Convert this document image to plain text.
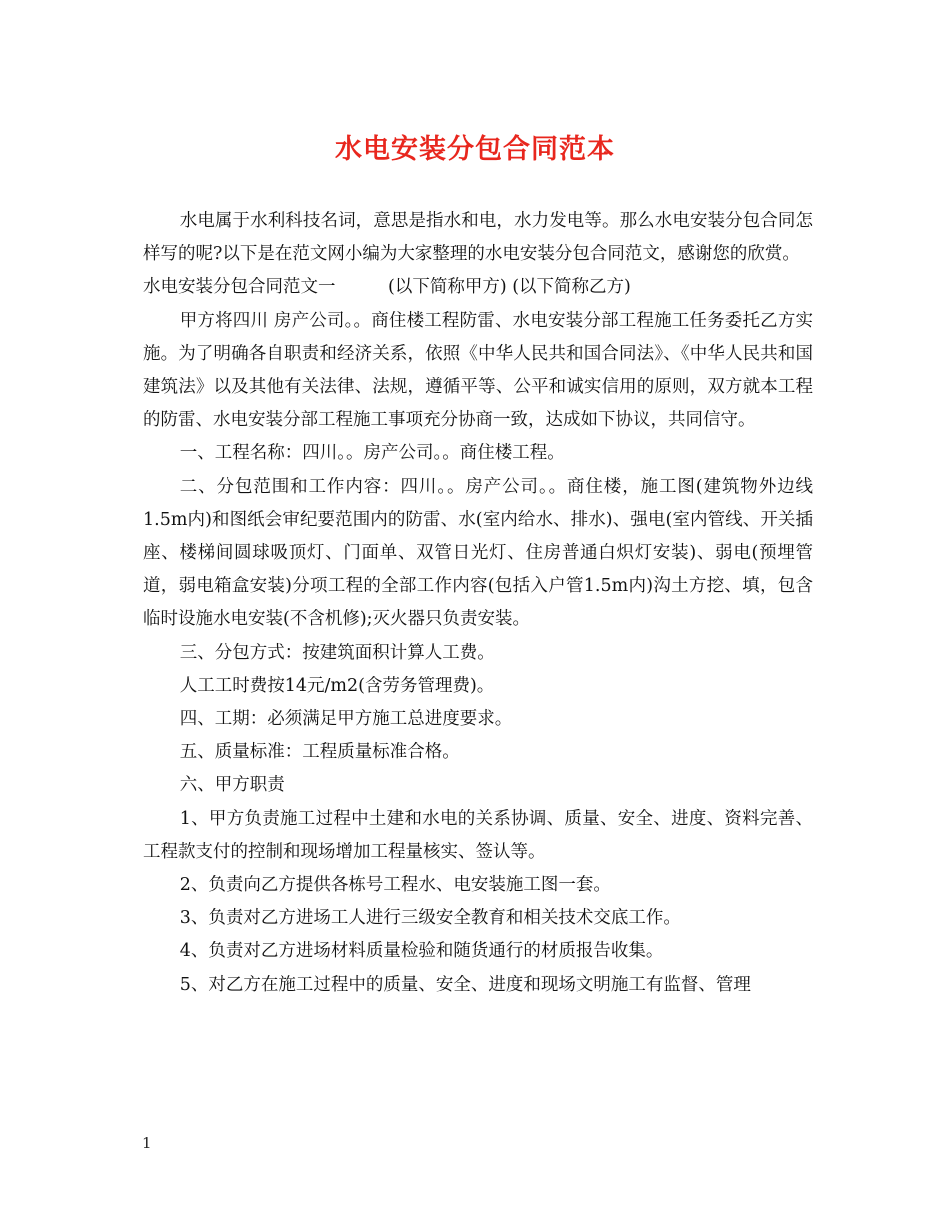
水电安装分包合同范本

水电属于水利科技名词，意思是指水和电，水力发电等。那么水电安装分包合同怎样写的呢?以下是在范文网小编为大家整理的水电安装分包合同范文，感谢您的欣赏。

水电安装分包合同范文一　　　(以下简称甲方) (以下简称乙方)

甲方将四川 房产公司。。商住楼工程防雷、水电安装分部工程施工任务委托乙方实施。为了明确各自职责和经济关系，依照《中华人民共和国合同法》、《中华人民共和国建筑法》以及其他有关法律、法规，遵循平等、公平和诚实信用的原则，双方就本工程的防雷、水电安装分部工程施工事项充分协商一致，达成如下协议，共同信守。

一、工程名称：四川。。房产公司。。商住楼工程。

二、分包范围和工作内容：四川。。房产公司。。商住楼，施工图(建筑物外边线1.5m内)和图纸会审纪要范围内的防雷、水(室内给水、排水)、强电(室内管线、开关插座、楼梯间圆球吸顶灯、门面单、双管日光灯、住房普通白炽灯安装)、弱电(预埋管道，弱电箱盒安装)分项工程的全部工作内容(包括入户管1.5m内)沟土方挖、填，包含临时设施水电安装(不含机修);灭火器只负责安装。

三、分包方式：按建筑面积计算人工费。

人工工时费按14元/m2(含劳务管理费)。

四、工期：必须满足甲方施工总进度要求。

五、质量标准：工程质量标准合格。

六、甲方职责

1、甲方负责施工过程中土建和水电的关系协调、质量、安全、进度、资料完善、工程款支付的控制和现场增加工程量核实、签认等。

2、负责向乙方提供各栋号工程水、电安装施工图一套。

3、负责对乙方进场工人进行三级安全教育和相关技术交底工作。

4、负责对乙方进场材料质量检验和随货通行的材质报告收集。

5、对乙方在施工过程中的质量、安全、进度和现场文明施工有监督、管理

1
